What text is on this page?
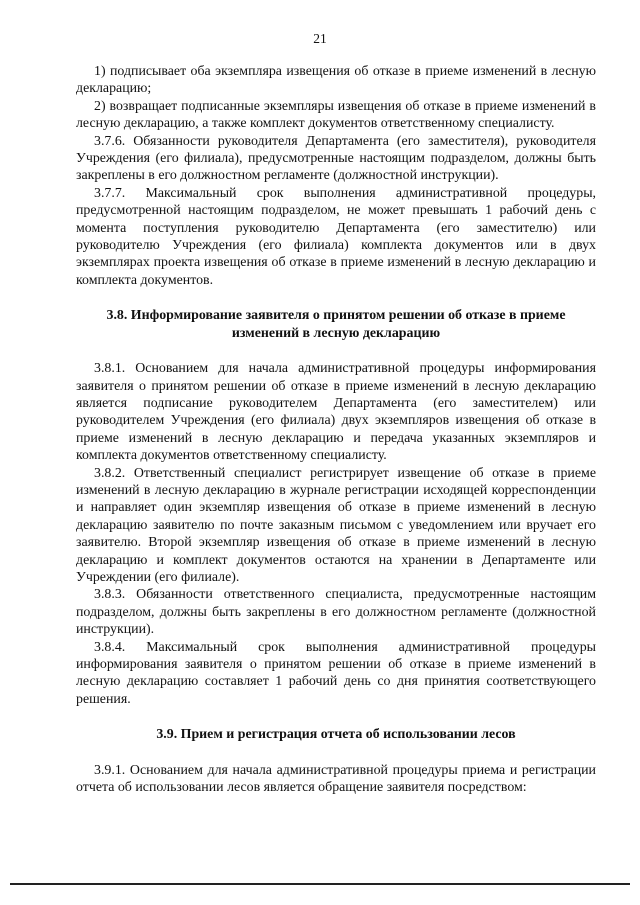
21

1) подписывает оба экземпляра извещения об отказе в приеме изменений в лесную декларацию;

2) возвращает подписанные экземпляры извещения об отказе в приеме изменений в лесную декларацию, а также комплект документов ответственному специалисту.

3.7.6. Обязанности руководителя Департамента (его заместителя), руководителя Учреждения (его филиала), предусмотренные настоящим подразделом, должны быть закреплены в его должностном регламенте (должностной инструкции).

3.7.7. Максимальный срок выполнения административной процедуры, предусмотренной настоящим подразделом, не может превышать 1 рабочий день с момента поступления руководителю Департамента (его заместителю) или руководителю Учреждения (его филиала) комплекта документов или в двух экземплярах проекта извещения об отказе в приеме изменений в лесную декларацию и комплекта документов.

3.8. Информирование заявителя о принятом решении об отказе в приеме изменений в лесную декларацию

3.8.1. Основанием для начала административной процедуры информирования заявителя о принятом решении об отказе в приеме изменений в лесную декларацию является подписание руководителем Департамента (его заместителем) или руководителем Учреждения (его филиала) двух экземпляров извещения об отказе в приеме изменений в лесную декларацию и передача указанных экземпляров и комплекта документов ответственному специалисту.

3.8.2. Ответственный специалист регистрирует извещение об отказе в приеме изменений в лесную декларацию в журнале регистрации исходящей корреспонденции и направляет один экземпляр извещения об отказе в приеме изменений в лесную декларацию заявителю по почте заказным письмом с уведомлением или вручает его заявителю. Второй экземпляр извещения об отказе в приеме изменений в лесную декларацию и комплект документов остаются на хранении в Департаменте или Учреждении (его филиале).

3.8.3. Обязанности ответственного специалиста, предусмотренные настоящим подразделом, должны быть закреплены в его должностном регламенте (должностной инструкции).

3.8.4. Максимальный срок выполнения административной процедуры информирования заявителя о принятом решении об отказе в приеме изменений в лесную декларацию составляет 1 рабочий день со дня принятия соответствующего решения.

3.9. Прием и регистрация отчета об использовании лесов

3.9.1. Основанием для начала административной процедуры приема и регистрации отчета об использовании лесов является обращение заявителя посредством:
